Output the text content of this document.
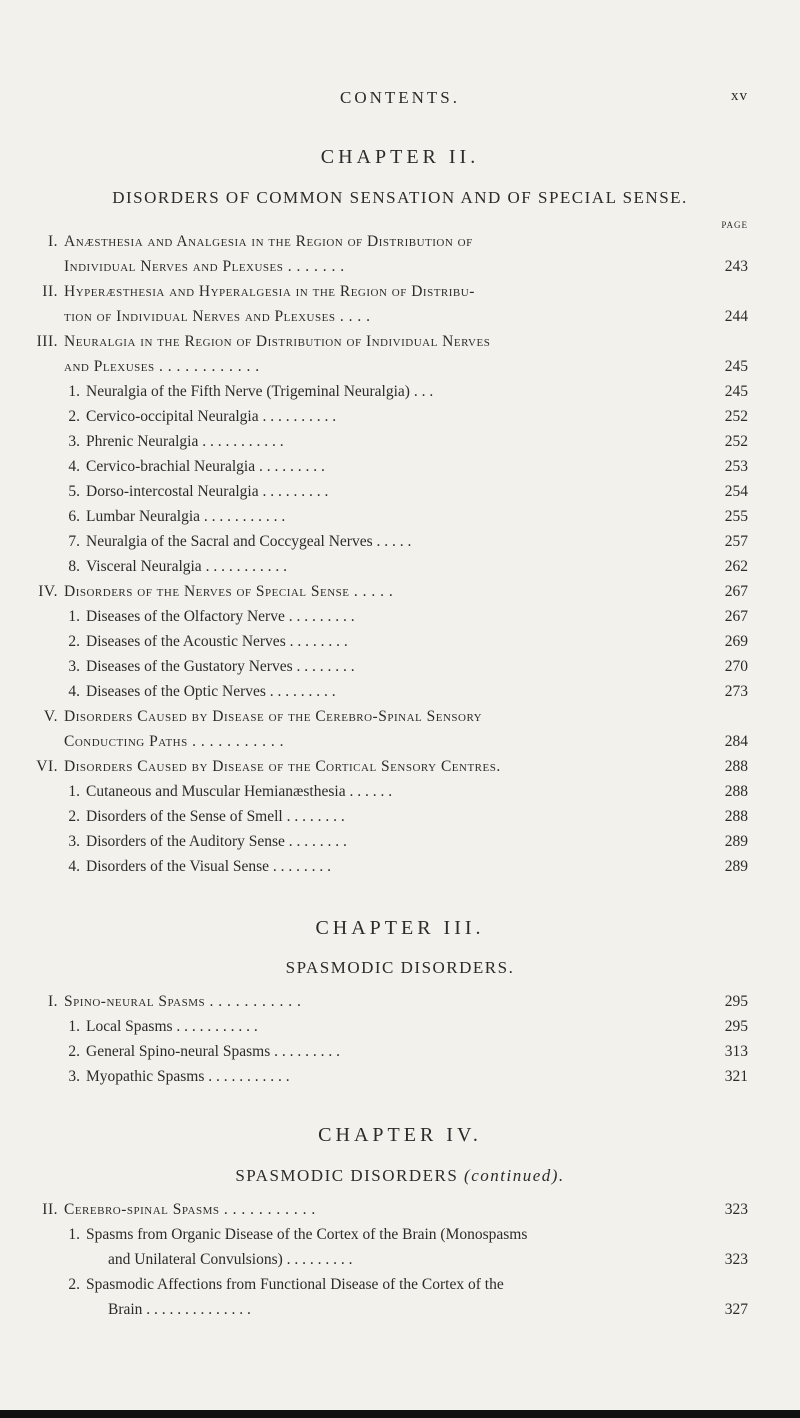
CONTENTS.	xv
CHAPTER II.
DISORDERS OF COMMON SENSATION AND OF SPECIAL SENSE.
PAGE
I. Anæsthesia and Analgesia in the Region of Distribution of
Individual Nerves and Plexuses . . . . . . .	243
II. Hyperæsthesia and Hyperalgesia in the Region of Distribu-
tion of Individual Nerves and Plexuses . . . .	244
III. Neuralgia in the Region of Distribution of Individual Nerves
and Plexuses . . . . . . . . . . . .	245
1. Neuralgia of the Fifth Nerve (Trigeminal Neuralgia) . . .	245
2. Cervico-occipital Neuralgia . . . . . . . . . .	252
3. Phrenic Neuralgia . . . . . . . . . . .	252
4. Cervico-brachial Neuralgia . . . . . . . . .	253
5. Dorso-intercostal Neuralgia . . . . . . . . .	254
6. Lumbar Neuralgia . . . . . . . . . . .	255
7. Neuralgia of the Sacral and Coccygeal Nerves . . . . .	257
8. Visceral Neuralgia . . . . . . . . . . .	262
IV. Disorders of the Nerves of Special Sense . . . . .	267
1. Diseases of the Olfactory Nerve . . . . . . . . .	267
2. Diseases of the Acoustic Nerves . . . . . . . .	269
3. Diseases of the Gustatory Nerves . . . . . . . .	270
4. Diseases of the Optic Nerves . . . . . . . . .	273
V. Disorders Caused by Disease of the Cerebro-Spinal Sensory
Conducting Paths . . . . . . . . . . .	284
VI. Disorders Caused by Disease of the Cortical Sensory Centres.	288
1. Cutaneous and Muscular Hemianæsthesia . . . . . .	288
2. Disorders of the Sense of Smell . . . . . . . .	288
3. Disorders of the Auditory Sense . . . . . . . .	289
4. Disorders of the Visual Sense . . . . . . . .	289
CHAPTER III.
SPASMODIC DISORDERS.
I. Spino-neural Spasms . . . . . . . . . . .	295
1. Local Spasms . . . . . . . . . . .	295
2. General Spino-neural Spasms . . . . . . . . .	313
3. Myopathic Spasms . . . . . . . . . . .	321
CHAPTER IV.
SPASMODIC DISORDERS (continued).
II. Cerebro-spinal Spasms . . . . . . . . . . .	323
1. Spasms from Organic Disease of the Cortex of the Brain (Monospasms
and Unilateral Convulsions) . . . . . . . . .	323
2. Spasmodic Affections from Functional Disease of the Cortex of the
Brain . . . . . . . . . . . . . .	327
